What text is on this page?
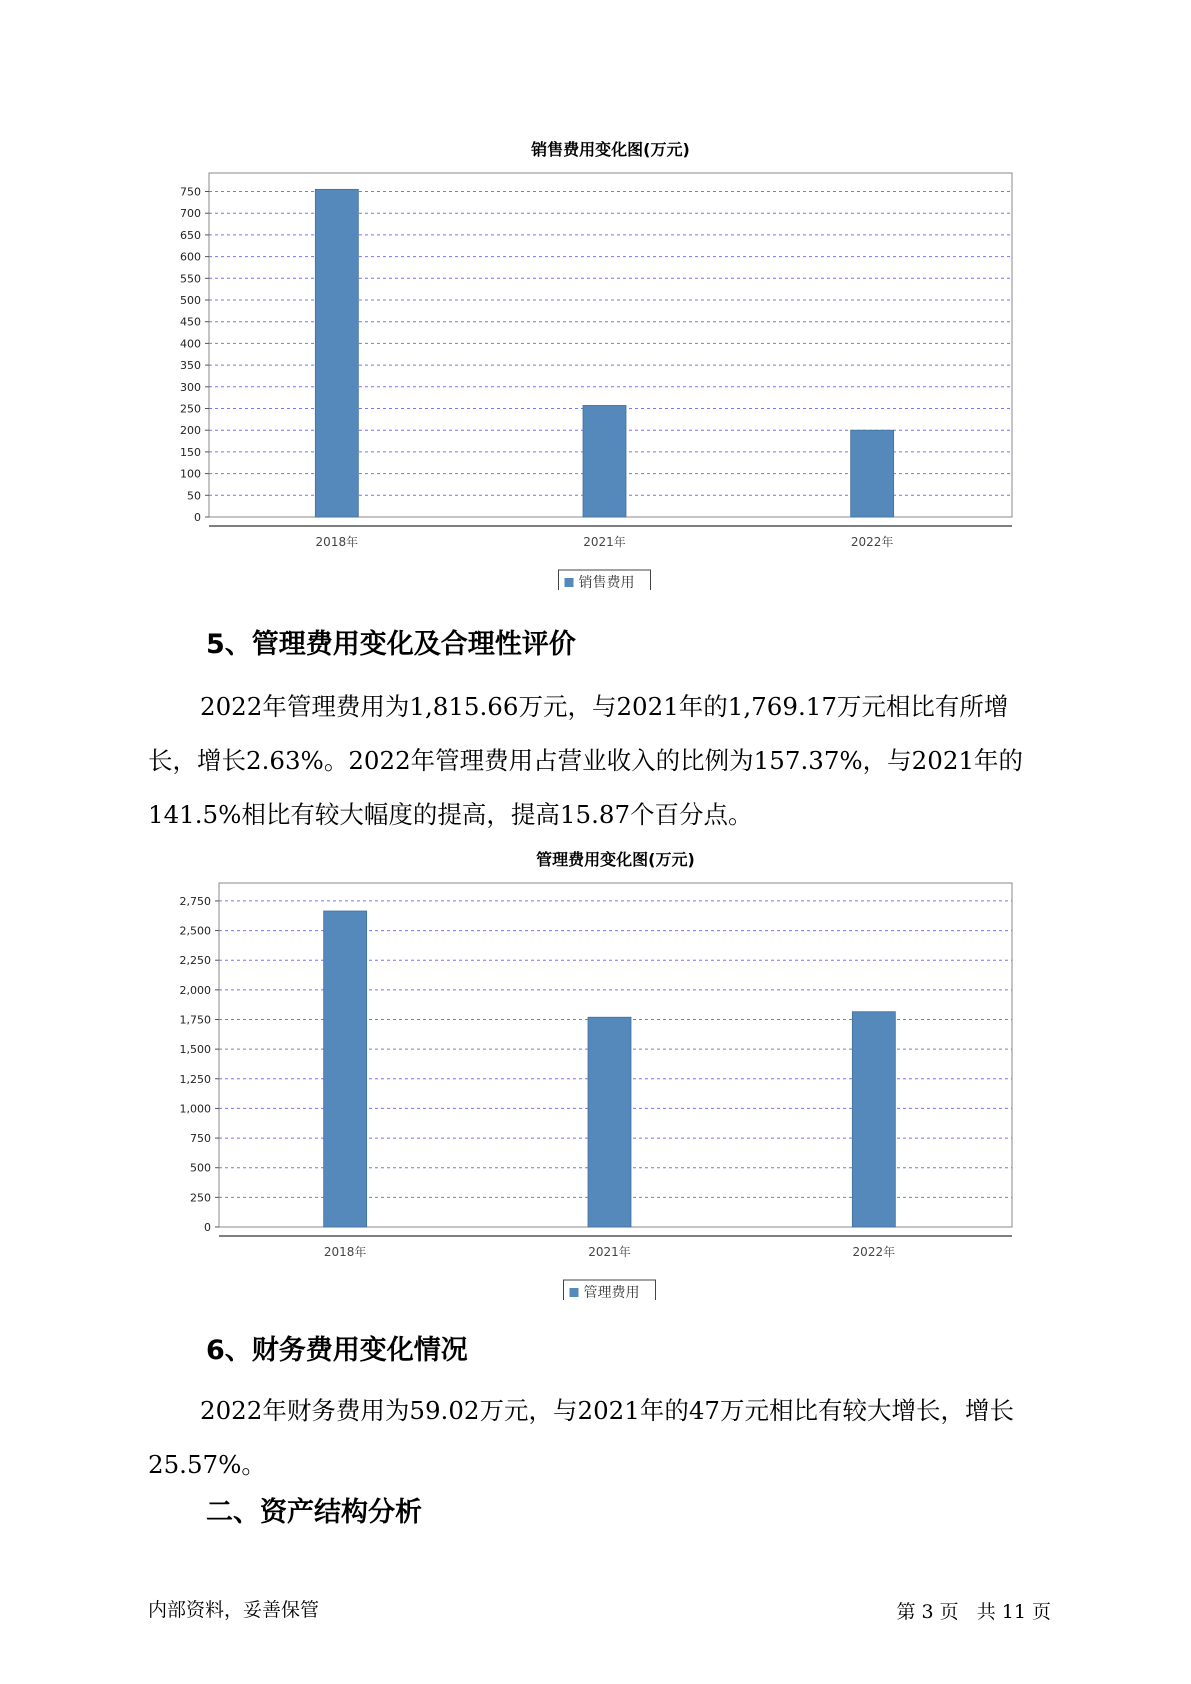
销售费用变化图(万元)
0
50
100
150
200
250
300
350
400
450
500
550
600
650
700
750
2018年	2021年	2022年
销售费用
5、管理费用变化及合理性评价

2022年管理费用为1,815.66万元，与2021年的1,769.17万元相比有所增长，增长2.63%。2022年管理费用占营业收入的比例为157.37%，与2021年的141.5%相比有较大幅度的提高，提高15.87个百分点。

管理费用变化图(万元)
0
250
500
750
1,000
1,250
1,500
1,750
2,000
2,250
2,500
2,750
2018年	2021年	2022年
管理费用
6、财务费用变化情况

2022年财务费用为59.02万元，与2021年的47万元相比有较大增长，增长25.57%。

二、资产结构分析
内部资料，妥善保管	第 3 页   共 11 页
